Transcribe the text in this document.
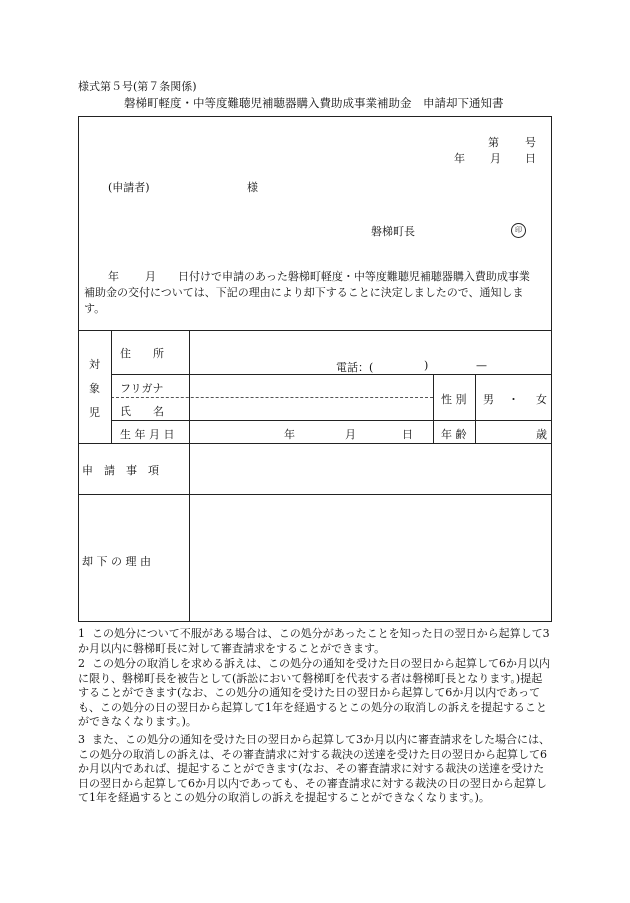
様式第５号(第７条関係)
磐梯町軽度・中等度難聴児補聴器購入費助成事業補助金　申請却下通知書
第 号
年 月 日
(申請者)	様
磐梯町長	印
年 月 日付けで申請のあった磐梯町軽度・中等度難聴児補聴器購入費助成事業
補助金の交付については、下記の理由により却下することに決定しましたので、通知しま
す。
対
象
児
住　　所
電話：(	)	—
フリガナ
氏　　名
性 別 男 ・ 女
生 年 月 日	年	月	日	年 齢	歳
申　請　事　項
却 下 の 理 由
1 この処分について不服がある場合は、この処分があったことを知った日の翌日から起算して3か月以内に磐梯町長に対して審査請求をすることができます。
2 この処分の取消しを求める訴えは、この処分の通知を受けた日の翌日から起算して6か月以内に限り、磐梯町長を被告として(訴訟において磐梯町を代表する者は磐梯町長となります。)提起することができます(なお、この処分の通知を受けた日の翌日から起算して6か月以内であっても、この処分の日の翌日から起算して1年を経過するとこの処分の取消しの訴えを提起することができなくなります。)。
3 また、この処分の通知を受けた日の翌日から起算して3か月以内に審査請求をした場合には、この処分の取消しの訴えは、その審査請求に対する裁決の送達を受けた日の翌日から起算して6か月以内であれば、提起することができます(なお、その審査請求に対する裁決の送達を受けた日の翌日から起算して6か月以内であっても、その審査請求に対する裁決の日の翌日から起算して1年を経過するとこの処分の取消しの訴えを提起することができなくなります。)。
